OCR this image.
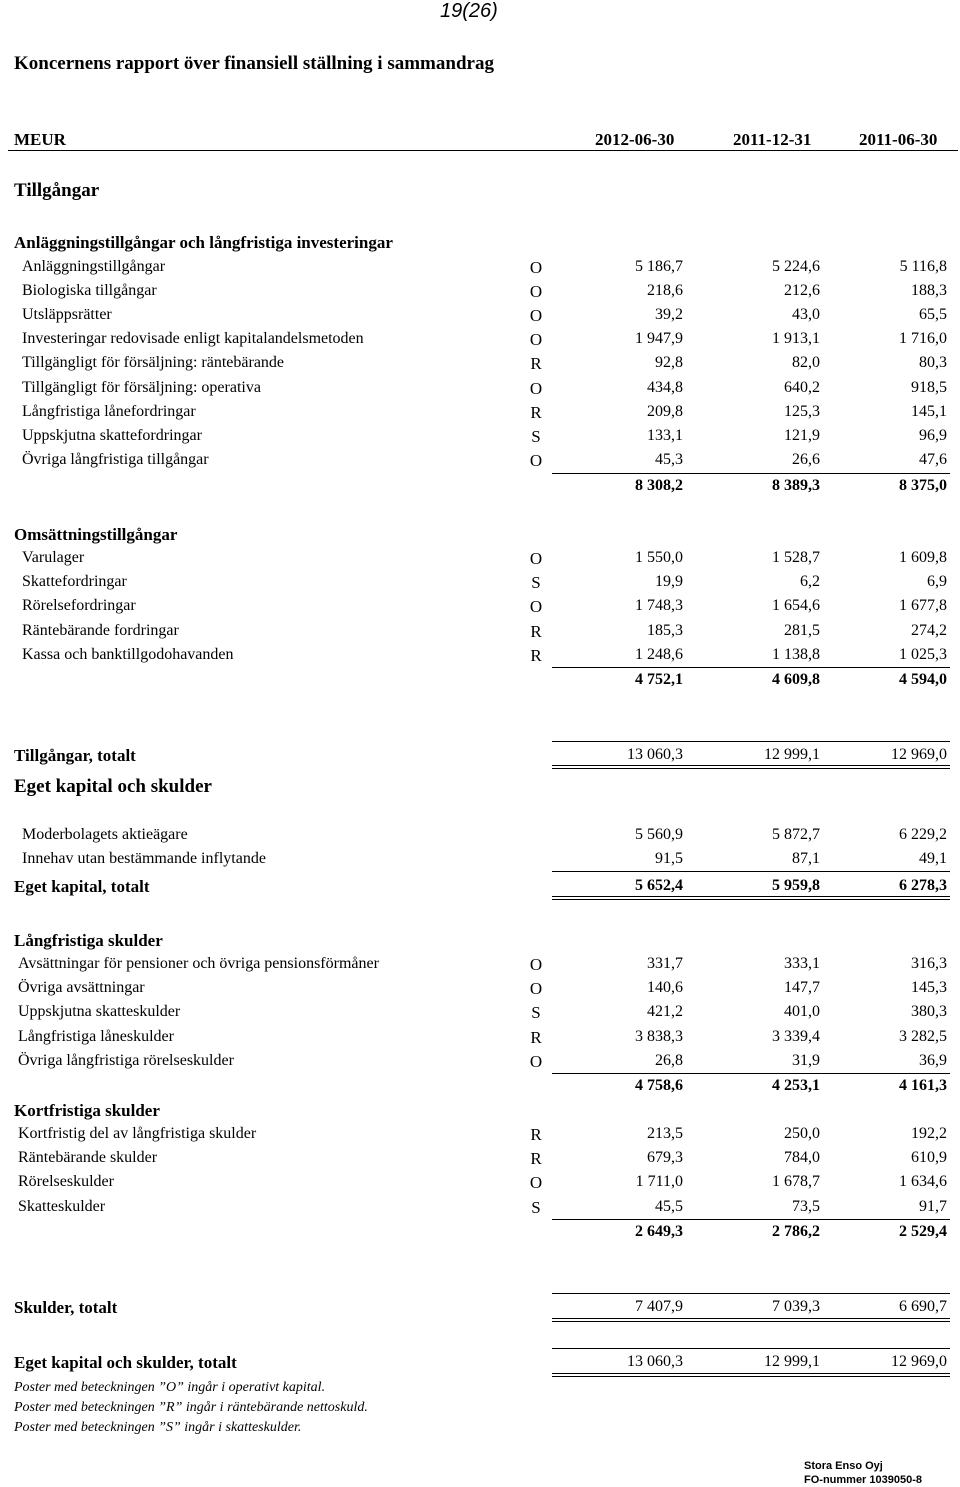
19(26)
Koncernens rapport över finansiell ställning i sammandrag
MEUR	2012-06-30	2011-12-31	2011-06-30
Tillgångar
Anläggningstillgångar och långfristiga investeringar
Anläggningstillgångar	O	5 186,7	5 224,6	5 116,8
Biologiska tillgångar	O	218,6	212,6	188,3
Utsläppsrätter	O	39,2	43,0	65,5
Investeringar redovisade enligt kapitalandelsmetoden	O	1 947,9	1 913,1	1 716,0
Tillgängligt för försäljning: räntebärande	R	92,8	82,0	80,3
Tillgängligt för försäljning: operativa	O	434,8	640,2	918,5
Långfristiga lånefordringar	R	209,8	125,3	145,1
Uppskjutna skattefordringar	S	133,1	121,9	96,9
Övriga långfristiga tillgångar	O	45,3	26,6	47,6
8 308,2	8 389,3	8 375,0
Omsättningstillgångar
Varulager	O	1 550,0	1 528,7	1 609,8
Skattefordringar	S	19,9	6,2	6,9
Rörelsefordringar	O	1 748,3	1 654,6	1 677,8
Räntebärande fordringar	R	185,3	281,5	274,2
Kassa och banktillgodohavanden	R	1 248,6	1 138,8	1 025,3
4 752,1	4 609,8	4 594,0
Tillgångar, totalt	13 060,3	12 999,1	12 969,0
Eget kapital och skulder
Moderbolagets aktieägare	5 560,9	5 872,7	6 229,2
Innehav utan bestämmande inflytande	91,5	87,1	49,1
Eget kapital, totalt	5 652,4	5 959,8	6 278,3
Långfristiga skulder
Avsättningar för pensioner och övriga pensionsförmåner	O	331,7	333,1	316,3
Övriga avsättningar	O	140,6	147,7	145,3
Uppskjutna skatteskulder	S	421,2	401,0	380,3
Långfristiga låneskulder	R	3 838,3	3 339,4	3 282,5
Övriga långfristiga rörelseskulder	O	26,8	31,9	36,9
4 758,6	4 253,1	4 161,3
Kortfristiga skulder
Kortfristig del av långfristiga skulder	R	213,5	250,0	192,2
Räntebärande skulder	R	679,3	784,0	610,9
Rörelseskulder	O	1 711,0	1 678,7	1 634,6
Skatteskulder	S	45,5	73,5	91,7
2 649,3	2 786,2	2 529,4
Skulder, totalt	7 407,9	7 039,3	6 690,7
Eget kapital och skulder, totalt	13 060,3	12 999,1	12 969,0
Poster med beteckningen ”O” ingår i operativt kapital.
Poster med beteckningen ”R” ingår i räntebärande nettoskuld.
Poster med beteckningen ”S” ingår i skatteskulder.
Stora Enso Oyj
FO-nummer 1039050-8
